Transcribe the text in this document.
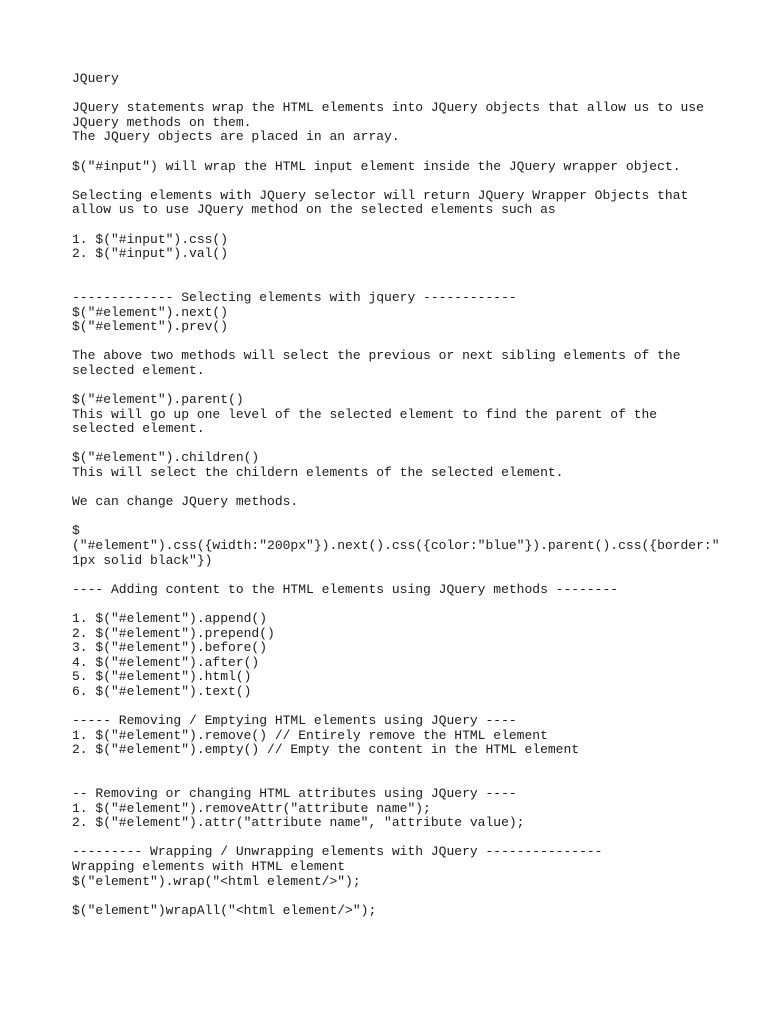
JQuery
JQuery statements wrap the HTML elements into JQuery objects that allow us to use
JQuery methods on them.
The JQuery objects are placed in an array.
$("#input") will wrap the HTML input element inside the JQuery wrapper object.
Selecting elements with JQuery selector will return JQuery Wrapper Objects that
allow us to use JQuery method on the selected elements such as
1. $("#input").css()
2. $("#input").val()
------------- Selecting elements with jquery ------------
$("#element").next()
$("#element").prev()
The above two methods will select the previous or next sibling elements of the
selected element.
$("#element").parent()
This will go up one level of the selected element to find the parent of the
selected element.
$("#element").children()
This will select the childern elements of the selected element.
We can change JQuery methods.
$
("#element").css({width:"200px"}).next().css({color:"blue"}).parent().css({border:"
1px solid black"})
---- Adding content to the HTML elements using JQuery methods --------
1. $("#element").append()
2. $("#element").prepend()
3. $("#element").before()
4. $("#element").after()
5. $("#element").html()
6. $("#element").text()
----- Removing / Emptying HTML elements using JQuery ----
1. $("#element").remove() // Entirely remove the HTML element
2. $("#element").empty() // Empty the content in the HTML element
-- Removing or changing HTML attributes using JQuery ----
1. $("#element").removeAttr("attribute name");
2. $("#element").attr("attribute name", "attribute value);
--------- Wrapping / Unwrapping elements with JQuery ---------------
Wrapping elements with HTML element
$("element").wrap("<html element/>");
$("element")wrapAll("<html element/>");
